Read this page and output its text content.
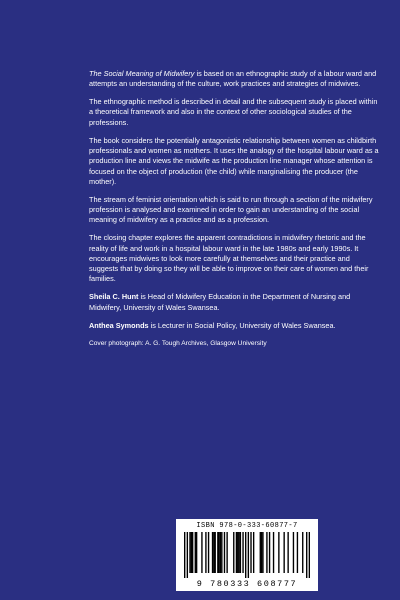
The Social Meaning of Midwifery is based on an ethnographic study of a labour ward and attempts an understanding of the culture, work practices and strategies of midwives.

The ethnographic method is described in detail and the subsequent study is placed within a theoretical framework and also in the context of other sociological studies of the professions.

The book considers the potentially antagonistic relationship between women as childbirth professionals and women as mothers. It uses the analogy of the hospital labour ward as a production line and views the midwife as the production line manager whose attention is focused on the object of production (the child) while marginalising the producer (the mother).

The stream of feminist orientation which is said to run through a section of the midwifery profession is analysed and examined in order to gain an understanding of the social meaning of midwifery as a practice and as a profession.

The closing chapter explores the apparent contradictions in midwifery rhetoric and the reality of life and work in a hospital labour ward in the late 1980s and early 1990s. It encourages midwives to look more carefully at themselves and their practice and suggests that by doing so they will be able to improve on their care of women and their families.

Sheila C. Hunt is Head of Midwifery Education in the Department of Nursing and Midwifery, University of Wales Swansea.

Anthea Symonds is Lecturer in Social Policy, University of Wales Swansea.

Cover photograph: A. G. Tough Archives, Glasgow University

ISBN 978-0-333-60877-7
9 780333 608777
